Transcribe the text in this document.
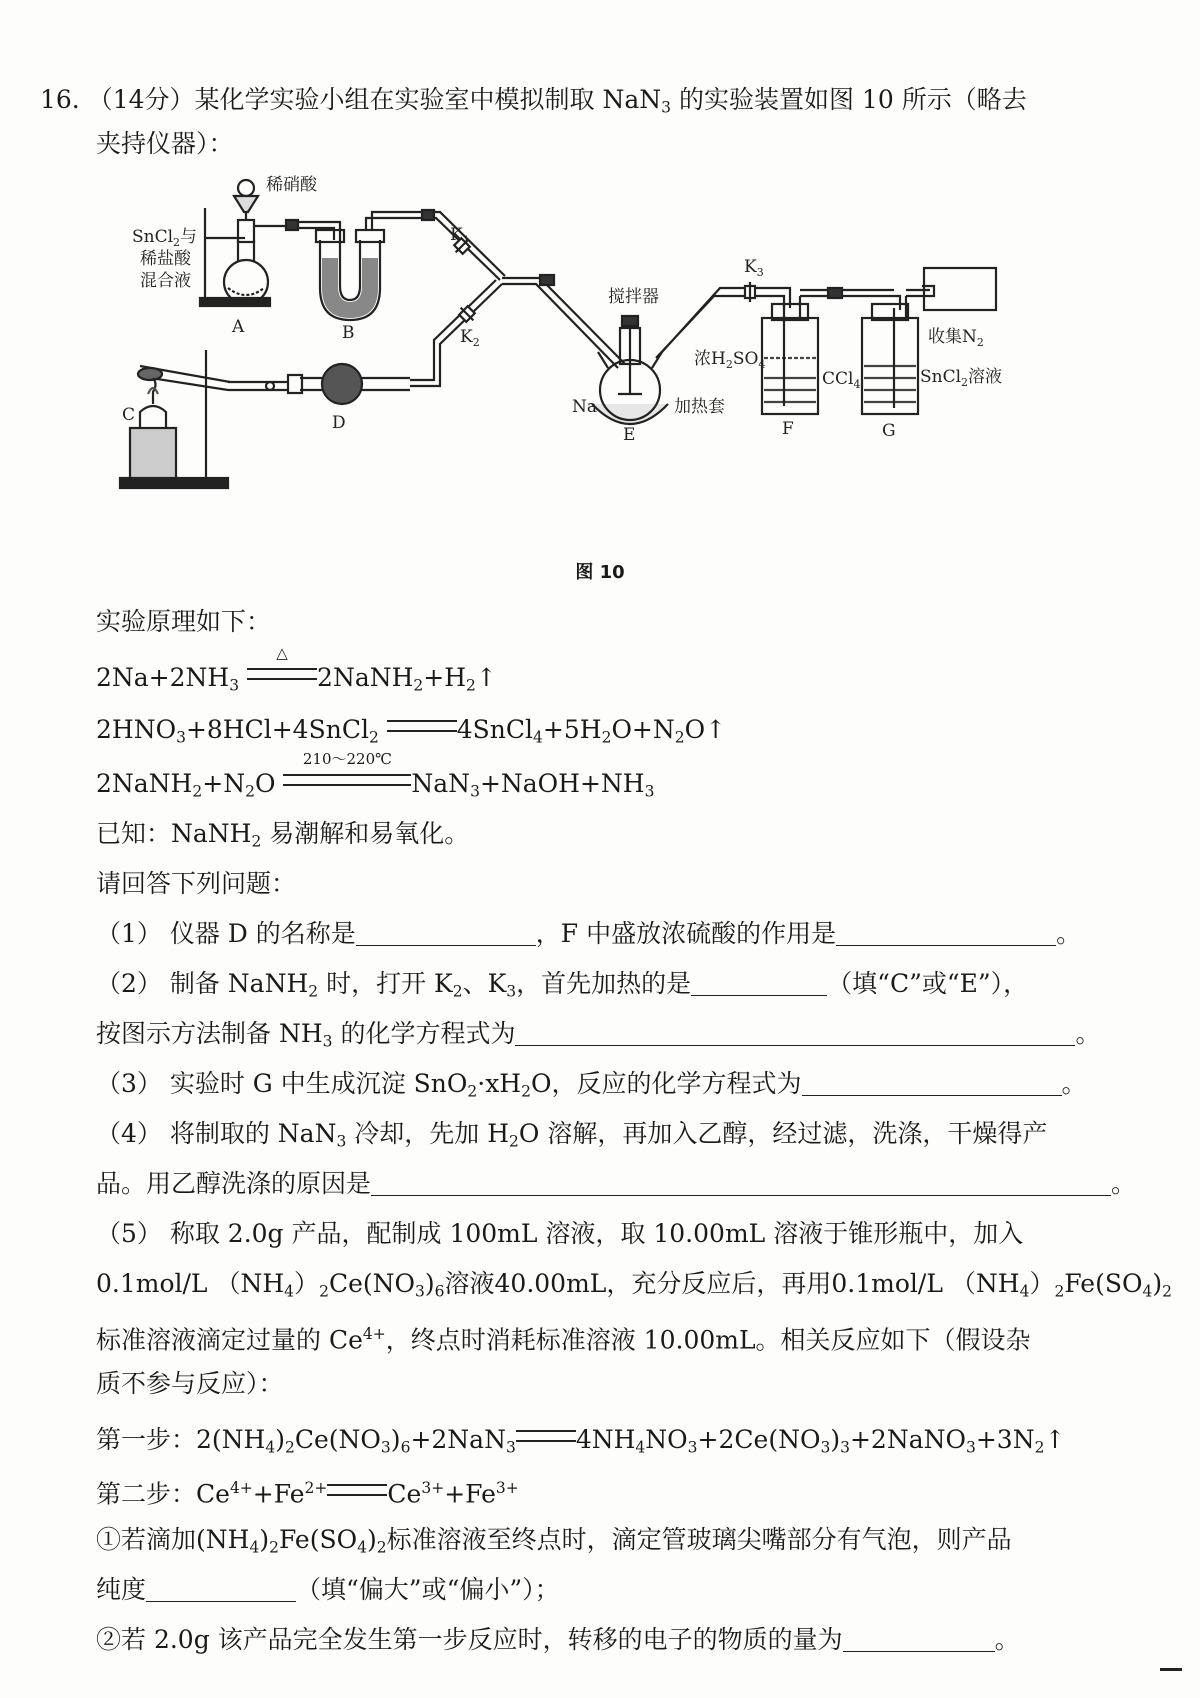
16. （14分）某化学实验小组在实验室中模拟制取 NaN$_3$ 的实验装置如图 10 所示（略去
夹持仪器）：
稀硝酸
SnCl$_2$与
稀盐酸
混合液
A	B
C	D
E	F	G
$K_1$
$K_2$
$K_3$
搅拌器
Na	加热套
浓$H_2SO_4$
CCl$_4$	SnCl$_2$溶液
收集$N_2$
图 10
实验原理如下：
$2Na+2NH_3$
△
$2NaNH_2+H_2↑$
$2HNO_3+8HCl+4SnCl_2$	$4SnCl_4+5H_2O+N_2O↑$
$2NaNH_2+N_2O$
210～220℃
$NaN_3+NaOH+NH_3$
已知：NaNH$_2$ 易潮解和易氧化。
请回答下列问题：
（1） 仪器 D 的名称是	，F 中盛放浓硫酸的作用是	。
（2） 制备 NaNH$_2$ 时，打开 $K_2$、$K_3$，首先加热的是	（填“C”或“E”），
按图示方法制备 $NH_3$ 的化学方程式为	。
（3） 实验时 G 中生成沉淀 $SnO_2\cdot xH_2O$，反应的化学方程式为	。
（4） 将制取的 NaN$_3$ 冷却，先加 $H_2O$ 溶解，再加入乙醇，经过滤，洗涤，干燥得产
品。用乙醇洗涤的原因是	。
（5） 称取 2.0g 产品，配制成 100mL 溶液，取 10.00mL 溶液于锥形瓶中，加入
0.1mol/L $(NH_4)_2Ce(NO_3)_6$溶液40.00mL，充分反应后，再用0.1mol/L $(NH_4)_2Fe(SO_4)_2$
标准溶液滴定过量的 $Ce^{4+}$，终点时消耗标准溶液 10.00mL。相关反应如下（假设杂
质不参与反应）：
第一步：$2(NH_4)_2Ce(NO_3)_6+2NaN_3$ $4NH_4NO_3+2Ce(NO_3)_3+2NaNO_3+3N_2↑$
第二步：$Ce^{4+}+Fe^{2+}$ $Ce^{3+}+Fe^{3+}$
①若滴加$(NH_4)_2Fe(SO_4)_2$标准溶液至终点时，滴定管玻璃尖嘴部分有气泡，则产品
纯度	（填“偏大”或“偏小”）；
②若 2.0g 该产品完全发生第一步反应时，转移的电子的物质的量为	。
